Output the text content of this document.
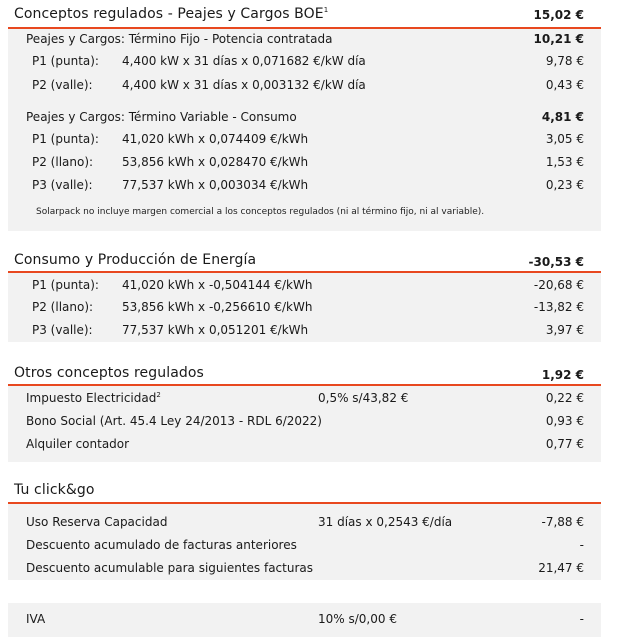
Conceptos regulados - Peajes y Cargos BOE$^1$	15,02 €
Peajes y Cargos: Término Fijo - Potencia contratada	10,21 €
P1 (punta): 4,400 kW x 31 días x 0,071682 €/kW día	9,78 €
P2 (valle): 4,400 kW x 31 días x 0,003132 €/kW día	0,43 €
Peajes y Cargos: Término Variable - Consumo	4,81 €
P1 (punta): 41,020 kWh x 0,074409 €/kWh	3,05 €
P2 (llano): 53,856 kWh x 0,028470 €/kWh	1,53 €
P3 (valle): 77,537 kWh x 0,003034 €/kWh	0,23 €
Solarpack no incluye margen comercial a los conceptos regulados (ni al término fijo, ni al variable).
Consumo y Producción de Energía	-30,53 €
P1 (punta): 41,020 kWh x -0,504144 €/kWh	-20,68 €
P2 (llano): 53,856 kWh x -0,256610 €/kWh	-13,82 €
P3 (valle): 77,537 kWh x 0,051201 €/kWh	3,97 €
Otros conceptos regulados	1,92 €
Impuesto Electricidad$^2$	0,5% s/43,82 €	0,22 €
Bono Social (Art. 45.4 Ley 24/2013 - RDL 6/2022)	0,93 €
Alquiler contador	0,77 €
Tu click&go
Uso Reserva Capacidad	31 días x 0,2543 €/día	-7,88 €
Descuento acumulado de facturas anteriores	-
Descuento acumulable para siguientes facturas	21,47 €
IVA	10% s/0,00 €	-
